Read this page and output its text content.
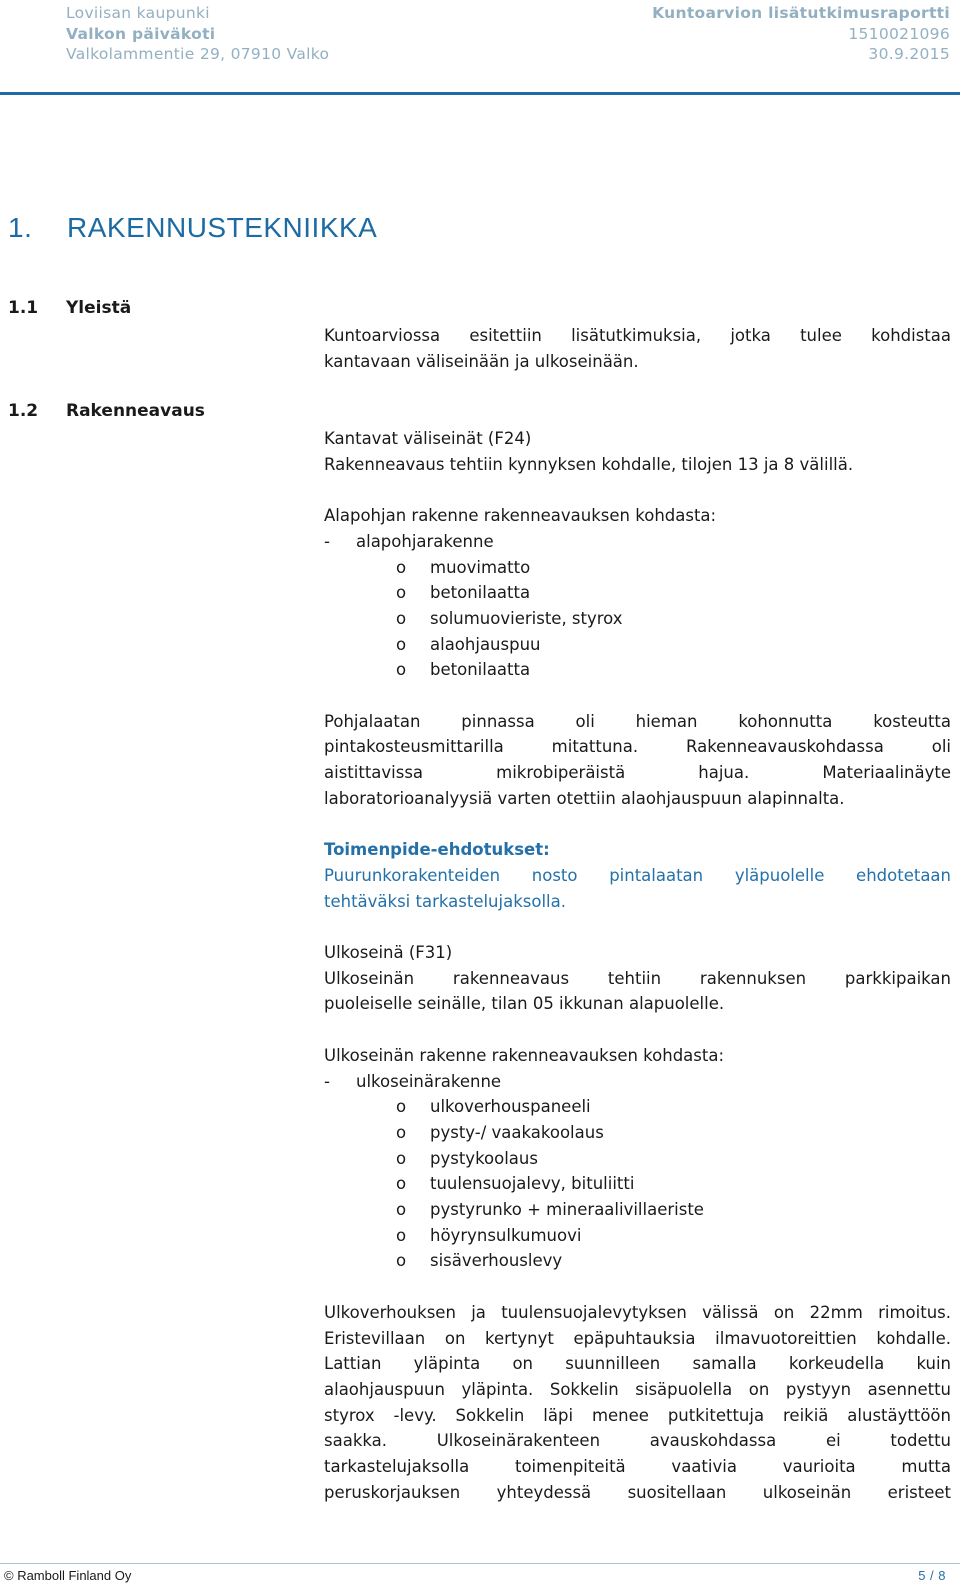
Loviisan kaupunki	Kuntoarvion lisätutkimusraportti
Valkon päiväkoti	1510021096
Valkolammentie 29, 07910 Valko	30.9.2015
1. RAKENNUSTEKNIIKKA
1.1 Yleistä

Kuntoarviossa esitettiin lisätutkimuksia, jotka tulee kohdistaa

kantavaan väliseinään ja ulkoseinään.

1.2 Rakenneavaus

Kantavat väliseinät (F24)

Rakenneavaus tehtiin kynnyksen kohdalle, tilojen 13 ja 8 välillä.

Alapohjan rakenne rakenneavauksen kohdasta:

-	alapohjarakenne
o	muovimatto
o	betonilaatta
o	solumuovieriste, styrox
o	alaohjauspuu
o	betonilaatta

Pohjalaatan pinnassa oli hieman kohonnutta kosteutta

pintakosteusmittarilla mitattuna. Rakenneavauskohdassa oli

aistittavissa mikrobiperäistä hajua. Materiaalinäyte

laboratorioanalyysiä varten otettiin alaohjauspuun alapinnalta.

Toimenpide-ehdotukset:

Puurunkorakenteiden nosto pintalaatan yläpuolelle ehdotetaan

tehtäväksi tarkastelujaksolla.

Ulkoseinä (F31)

Ulkoseinän rakenneavaus tehtiin rakennuksen parkkipaikan

puoleiselle seinälle, tilan 05 ikkunan alapuolelle.

Ulkoseinän rakenne rakenneavauksen kohdasta:

-	ulkoseinärakenne
o	ulkoverhouspaneeli
o	pysty-/ vaakakoolaus
o	pystykoolaus
o	tuulensuojalevy, bituliitti
o	pystyrunko + mineraalivillaeriste
o	höyrynsulkumuovi
o	sisäverhouslevy

Ulkoverhouksen ja tuulensuojalevytyksen välissä on 22mm rimoitus.

Eristevillaan on kertynyt epäpuhtauksia ilmavuotoreittien kohdalle.

Lattian yläpinta on suunnilleen samalla korkeudella kuin

alaohjauspuun yläpinta. Sokkelin sisäpuolella on pystyyn asennettu

styrox -levy. Sokkelin läpi menee putkitettuja reikiä alustäyttöön

saakka. Ulkoseinärakenteen avauskohdassa ei todettu

tarkastelujaksolla toimenpiteitä vaativia vaurioita mutta

peruskorjauksen yhteydessä suositellaan ulkoseinän eristeet

© Ramboll Finland Oy	5 / 8
